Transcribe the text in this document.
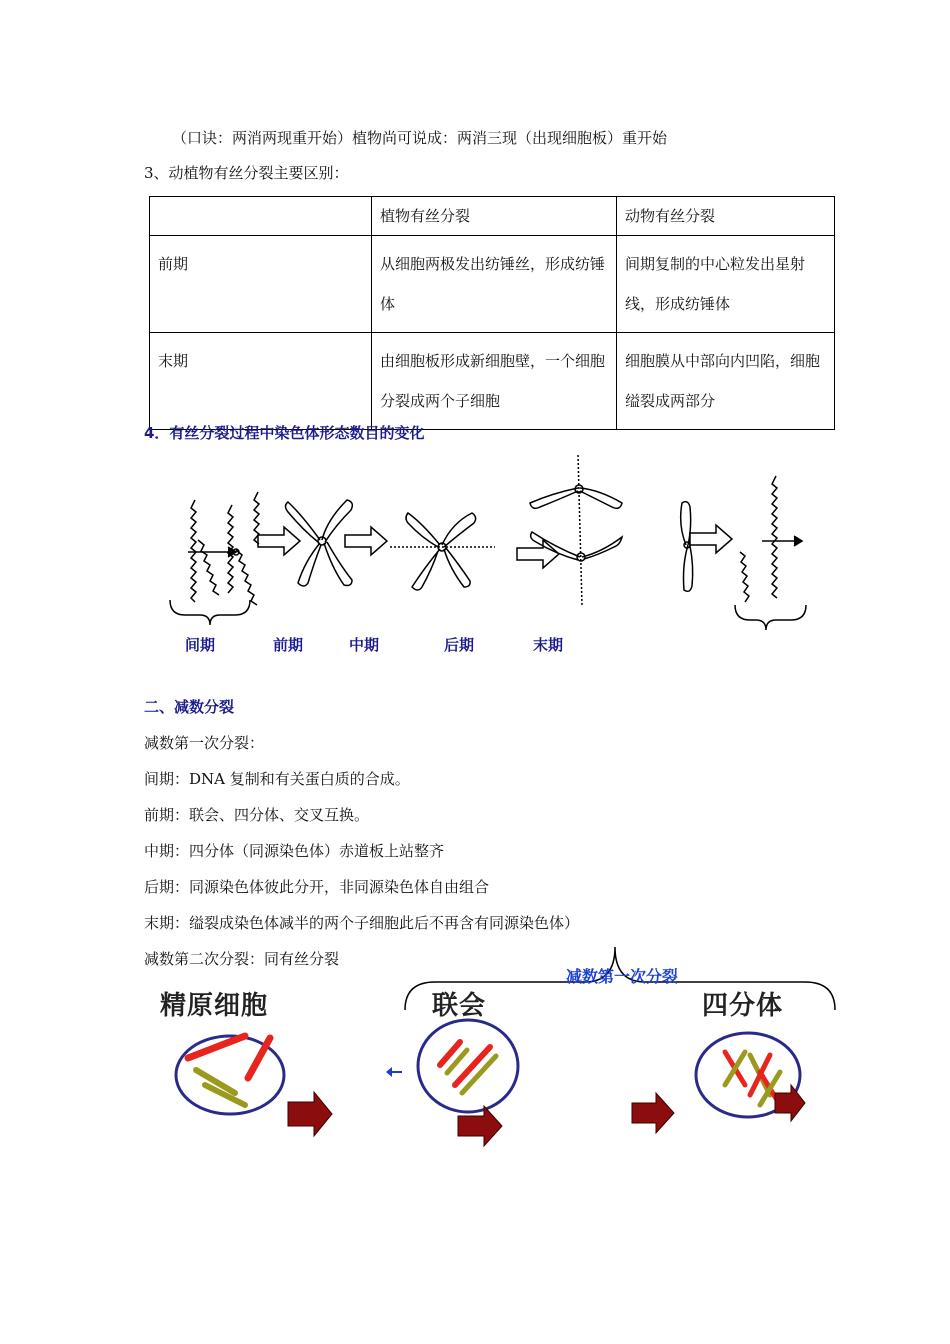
（口诀：两消两现重开始）植物尚可说成：两消三现（出现细胞板）重开始
3、动植物有丝分裂主要区别：
	植物有丝分裂	动物有丝分裂
前期	从细胞两极发出纺锤丝，形成纺锤体	间期复制的中心粒发出星射线，形成纺锤体
末期	由细胞板形成新细胞壁，一个细胞分裂成两个子细胞	细胞膜从中部向内凹陷，细胞缢裂成两部分
4．有丝分裂过程中染色体形态数目的变化
间期	前期	中期	后期	末期
二、减数分裂
减数第一次分裂：
间期：DNA 复制和有关蛋白质的合成。
前期：联会、四分体、交叉互换。
中期：四分体（同源染色体）赤道板上站整齐
后期：同源染色体彼此分开，非同源染色体自由组合
末期：缢裂成染色体减半的两个子细胞此后不再含有同源染色体）
减数第二次分裂：同有丝分裂
减数第一次分裂
精原细胞	联会	四分体
